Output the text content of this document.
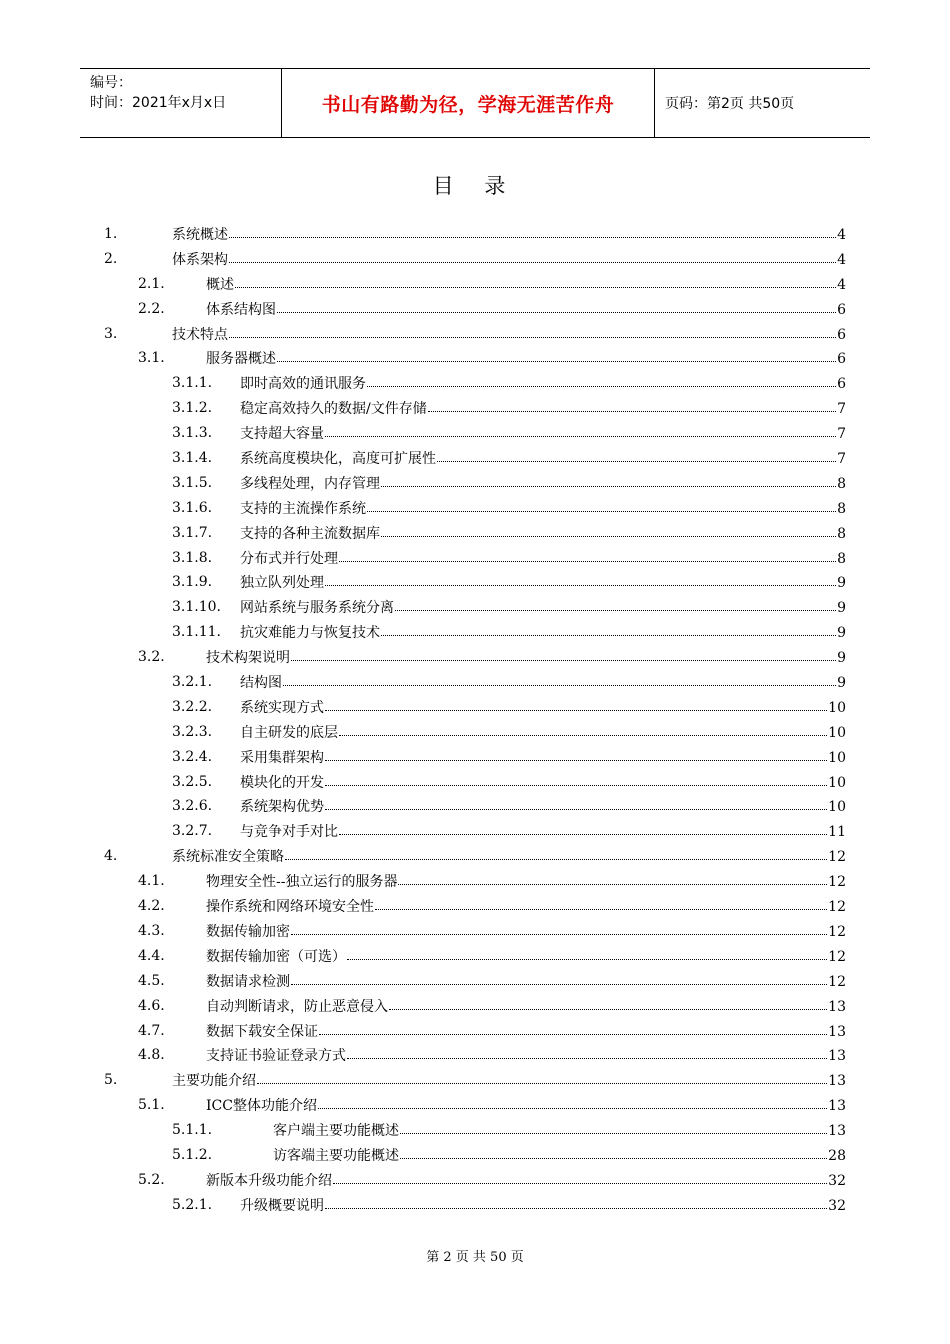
编号：
时间：2021年x月x日	书山有路勤为径，学海无涯苦作舟	页码：第2页 共50页
目 录
1.	系统概述	4
2.	体系架构	4
2.1.	概述	4
2.2.	体系结构图	6
3.	技术特点	6
3.1.	服务器概述	6
3.1.1. 即时高效的通讯服务	6
3.1.2. 稳定高效持久的数据/文件存储	7
3.1.3. 支持超大容量	7
3.1.4. 系统高度模块化，高度可扩展性	7
3.1.5. 多线程处理，内存管理	8
3.1.6. 支持的主流操作系统	8
3.1.7. 支持的各种主流数据库	8
3.1.8. 分布式并行处理	8
3.1.9. 独立队列处理	9
3.1.10. 网站系统与服务系统分离	9
3.1.11. 抗灾难能力与恢复技术	9
3.2.	技术构架说明	9
3.2.1. 结构图	9
3.2.2. 系统实现方式	10
3.2.3. 自主研发的底层	10
3.2.4. 采用集群架构	10
3.2.5. 模块化的开发	10
3.2.6. 系统架构优势	10
3.2.7. 与竞争对手对比	11
4.	系统标准安全策略	12
4.1.	物理安全性--独立运行的服务器	12
4.2.	操作系统和网络环境安全性	12
4.3.	数据传输加密	12
4.4.	数据传输加密（可选）	12
4.5.	数据请求检测	12
4.6.	自动判断请求，防止恶意侵入	13
4.7.	数据下载安全保证	13
4.8.	支持证书验证登录方式	13
5.	主要功能介绍	13
5.1.	ICC整体功能介绍	13
5.1.1.	客户端主要功能概述	13
5.1.2.	访客端主要功能概述	28
5.2.	新版本升级功能介绍	32
5.2.1. 升级概要说明	32
第 2 页 共 50 页
